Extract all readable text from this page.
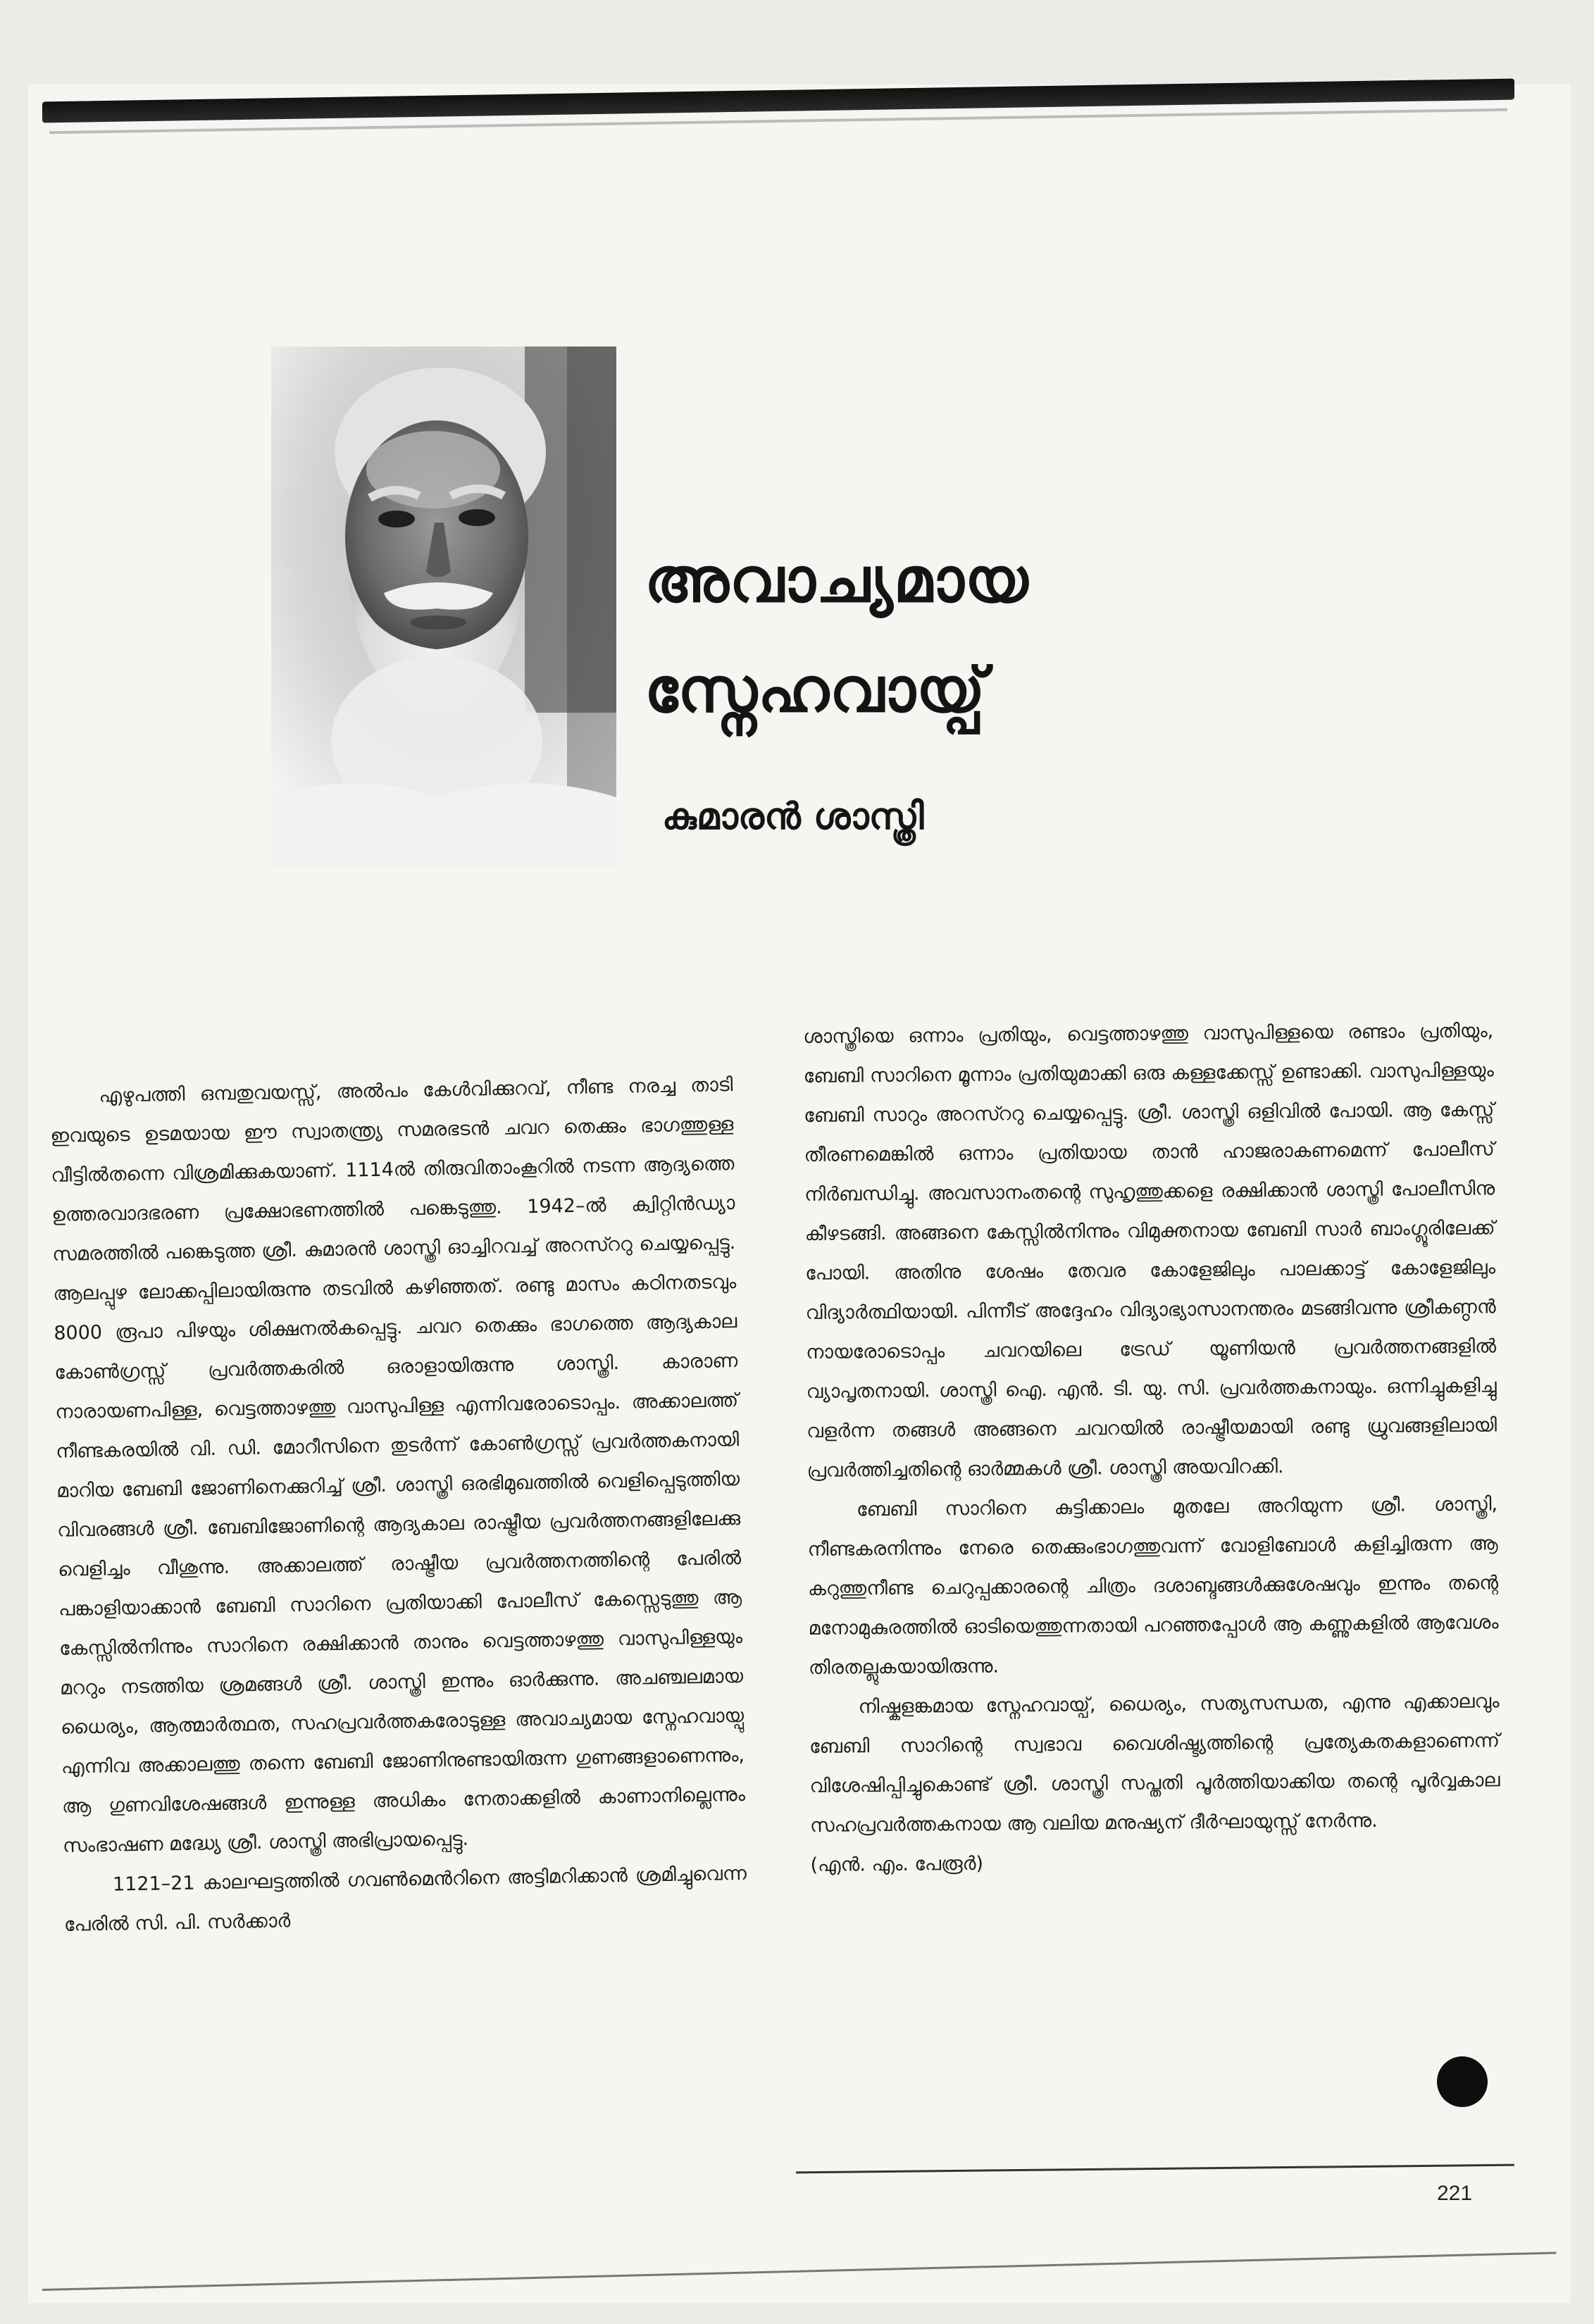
അവാച്യമായ
സ്നേഹവായ്പ്
കുമാരൻ ശാസ്ത്രി

എഴുപത്തി ഒമ്പതുവയസ്സ്, അൽപം കേൾവിക്കുറവ്, നീണ്ട നരച്ച താടി ഇവയുടെ ഉടമയായ ഈ സ്വാതന്ത്ര്യ സമരഭടൻ ചവറ തെക്കും ഭാഗത്തുള്ള വീട്ടിൽതന്നെ വിശ്രമിക്കുകയാണ്. 1114ൽ തിരുവിതാംകൂറിൽ നടന്ന ആദ്യത്തെ ഉത്തരവാദഭരണ പ്രക്ഷോഭണത്തിൽ പങ്കെടുത്തു. 1942–ൽ ക്വിറ്റിൻഡ്യാ സമരത്തിൽ പങ്കെടുത്ത ശ്രീ. കുമാരൻ ശാസ്ത്രി ഓച്ചിറവച്ച് അറസ്ററു ചെയ്യപ്പെട്ടു. ആലപ്പുഴ ലോക്കപ്പിലായിരുന്നു തടവിൽ കഴിഞ്ഞത്. രണ്ടു മാസം കഠിനതടവും 8000 രൂപാ പിഴയും ശിക്ഷനൽകപ്പെട്ടു. ചവറ തെക്കും ഭാഗത്തെ ആദ്യകാല കോൺഗ്രസ്സ് പ്രവർത്തകരിൽ ഒരാളായിരുന്നു ശാസ്ത്രി. കാരാണ നാരായണപിള്ള, വെട്ടത്താഴത്തു വാസുപിള്ള എന്നിവരോടൊപ്പം. അക്കാലത്ത് നീണ്ടകരയിൽ വി. ഡി. മോറീസിനെ തുടർന്ന് കോൺഗ്രസ്സ് പ്രവർത്തകനായി മാറിയ ബേബി ജോണിനെക്കുറിച്ച് ശ്രീ. ശാസ്ത്രി ഒരഭിമുഖത്തിൽ വെളിപ്പെടുത്തിയ വിവരങ്ങൾ ശ്രീ. ബേബിജോണിന്റെ ആദ്യകാല രാഷ്ട്രീയ പ്രവർത്തനങ്ങളിലേക്കു വെളിച്ചം വീശുന്നു. അക്കാലത്ത് രാഷ്ട്രീയ പ്രവർത്തനത്തിന്റെ പേരിൽ പങ്കാളിയാക്കാൻ ബേബി സാറിനെ പ്രതിയാക്കി പോലീസ് കേസ്സെടുത്തു ആ കേസ്സിൽനിന്നും സാറിനെ രക്ഷിക്കാൻ താനും വെട്ടത്താഴത്തു വാസുപിള്ളയും മററും നടത്തിയ ശ്രമങ്ങൾ ശ്രീ. ശാസ്ത്രി ഇന്നും ഓർക്കുന്നു. അചഞ്ചലമായ ധൈര്യം, ആത്മാർത്ഥത, സഹപ്രവർത്തകരോടുള്ള അവാച്യമായ സ്നേഹവായ്പു എന്നിവ അക്കാലത്തു തന്നെ ബേബി ജോണിനുണ്ടായിരുന്ന ഗുണങ്ങളാണെന്നും, ആ ഗുണവിശേഷങ്ങൾ ഇന്നുള്ള അധികം നേതാക്കളിൽ കാണാനില്ലെന്നും സംഭാഷണ മദ്ധ്യേ ശ്രീ. ശാസ്ത്രി അഭിപ്രായപ്പെട്ടു.

1121–21 കാലഘട്ടത്തിൽ ഗവൺമെൻറിനെ അട്ടിമറിക്കാൻ ശ്രമിച്ചുവെന്ന പേരിൽ സി. പി. സർക്കാർ

ശാസ്ത്രിയെ ഒന്നാം പ്രതിയും, വെട്ടത്താഴത്തു വാസുപിള്ളയെ രണ്ടാം പ്രതിയും, ബേബി സാറിനെ മൂന്നാം പ്രതിയുമാക്കി ഒരു കള്ളക്കേസ്സ് ഉണ്ടാക്കി. വാസുപിള്ളയും ബേബി സാറും അറസ്ററു ചെയ്യപ്പെട്ടു. ശ്രീ. ശാസ്ത്രി ഒളിവിൽ പോയി. ആ കേസ്സ് തീരണമെങ്കിൽ ഒന്നാം പ്രതിയായ താൻ ഹാജരാകണമെന്ന് പോലീസ് നിർബന്ധിച്ചു. അവസാനംതന്റെ സുഹൃത്തുക്കളെ രക്ഷിക്കാൻ ശാസ്ത്രി പോലീസിനു കീഴടങ്ങി. അങ്ങനെ കേസ്സിൽനിന്നും വിമുക്തനായ ബേബി സാർ ബാംഗ്ലൂരിലേക്ക് പോയി. അതിനു ശേഷം തേവര കോളേജിലും പാലക്കാട്ട് കോളേജിലും വിദ്യാർത്ഥിയായി. പിന്നീട് അദ്ദേഹം വിദ്യാഭ്യാസാനന്തരം മടങ്ങിവന്നു ശ്രീകണ്ഠൻ നായരോടൊപ്പം ചവറയിലെ ട്രേഡ് യൂണിയൻ പ്രവർത്തനങ്ങളിൽ വ്യാപൃതനായി. ശാസ്ത്രി ഐ. എൻ. ടി. യു. സി. പ്രവർത്തകനായും. ഒന്നിച്ചുകളിച്ചു വളർന്ന തങ്ങൾ അങ്ങനെ ചവറയിൽ രാഷ്ട്രീയമായി രണ്ടു ധ്രുവങ്ങളിലായി പ്രവർത്തിച്ചതിന്റെ ഓർമ്മകൾ ശ്രീ. ശാസ്ത്രി അയവിറക്കി.

ബേബി സാറിനെ കുട്ടിക്കാലം മുതലേ അറിയുന്ന ശ്രീ. ശാസ്ത്രി, നീണ്ടകരനിന്നും നേരെ തെക്കുംഭാഗത്തുവന്ന് വോളിബോൾ കളിച്ചിരുന്ന ആ കറുത്തുനീണ്ട ചെറുപ്പക്കാരന്റെ ചിത്രം ദശാബ്ദങ്ങൾക്കുശേഷവും ഇന്നും തന്റെ മനോമുകുരത്തിൽ ഓടിയെത്തുന്നതായി പറഞ്ഞപ്പോൾ ആ കണ്ണുകളിൽ ആവേശം തിരതല്ലുകയായിരുന്നു.

നിഷ്കളങ്കമായ സ്നേഹവായ്പ്, ധൈര്യം, സത്യസന്ധത, എന്നു എക്കാലവും ബേബി സാറിന്റെ സ്വഭാവ വൈശിഷ്ട്യത്തിന്റെ പ്രത്യേകതകളാണെന്ന് വിശേഷിപ്പിച്ചുകൊണ്ട് ശ്രീ. ശാസ്ത്രി സപ്തതി പൂർത്തിയാക്കിയ തന്റെ പൂർവ്വകാല സഹപ്രവർത്തകനായ ആ വലിയ മനുഷ്യന് ദീർഘായുസ്സ് നേർന്നു.

(എൻ. എം. പേരൂർ)

221
